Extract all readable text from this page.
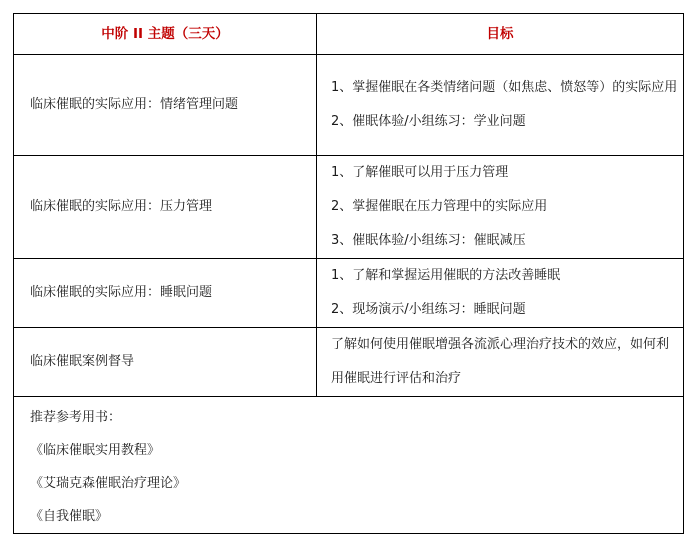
中阶 II 主题（三天）	目标
临床催眠的实际应用：情绪管理问题	1、掌握催眠在各类情绪问题（如焦虑、愤怒等）的实际应用
2、催眠体验/小组练习：学业问题

临床催眠的实际应用：压力管理	1、了解催眠可以用于压力管理
2、掌握催眠在压力管理中的实际应用
3、催眠体验/小组练习：催眠减压

临床催眠的实际应用：睡眠问题	1、了解和掌握运用催眠的方法改善睡眠
2、现场演示/小组练习：睡眠问题

临床催眠案例督导	了解如何使用催眠增强各流派心理治疗技术的效应，如何利用催眠进行评估和治疗

推荐参考用书：
《临床催眠实用教程》
《艾瑞克森催眠治疗理论》
《自我催眠》	
